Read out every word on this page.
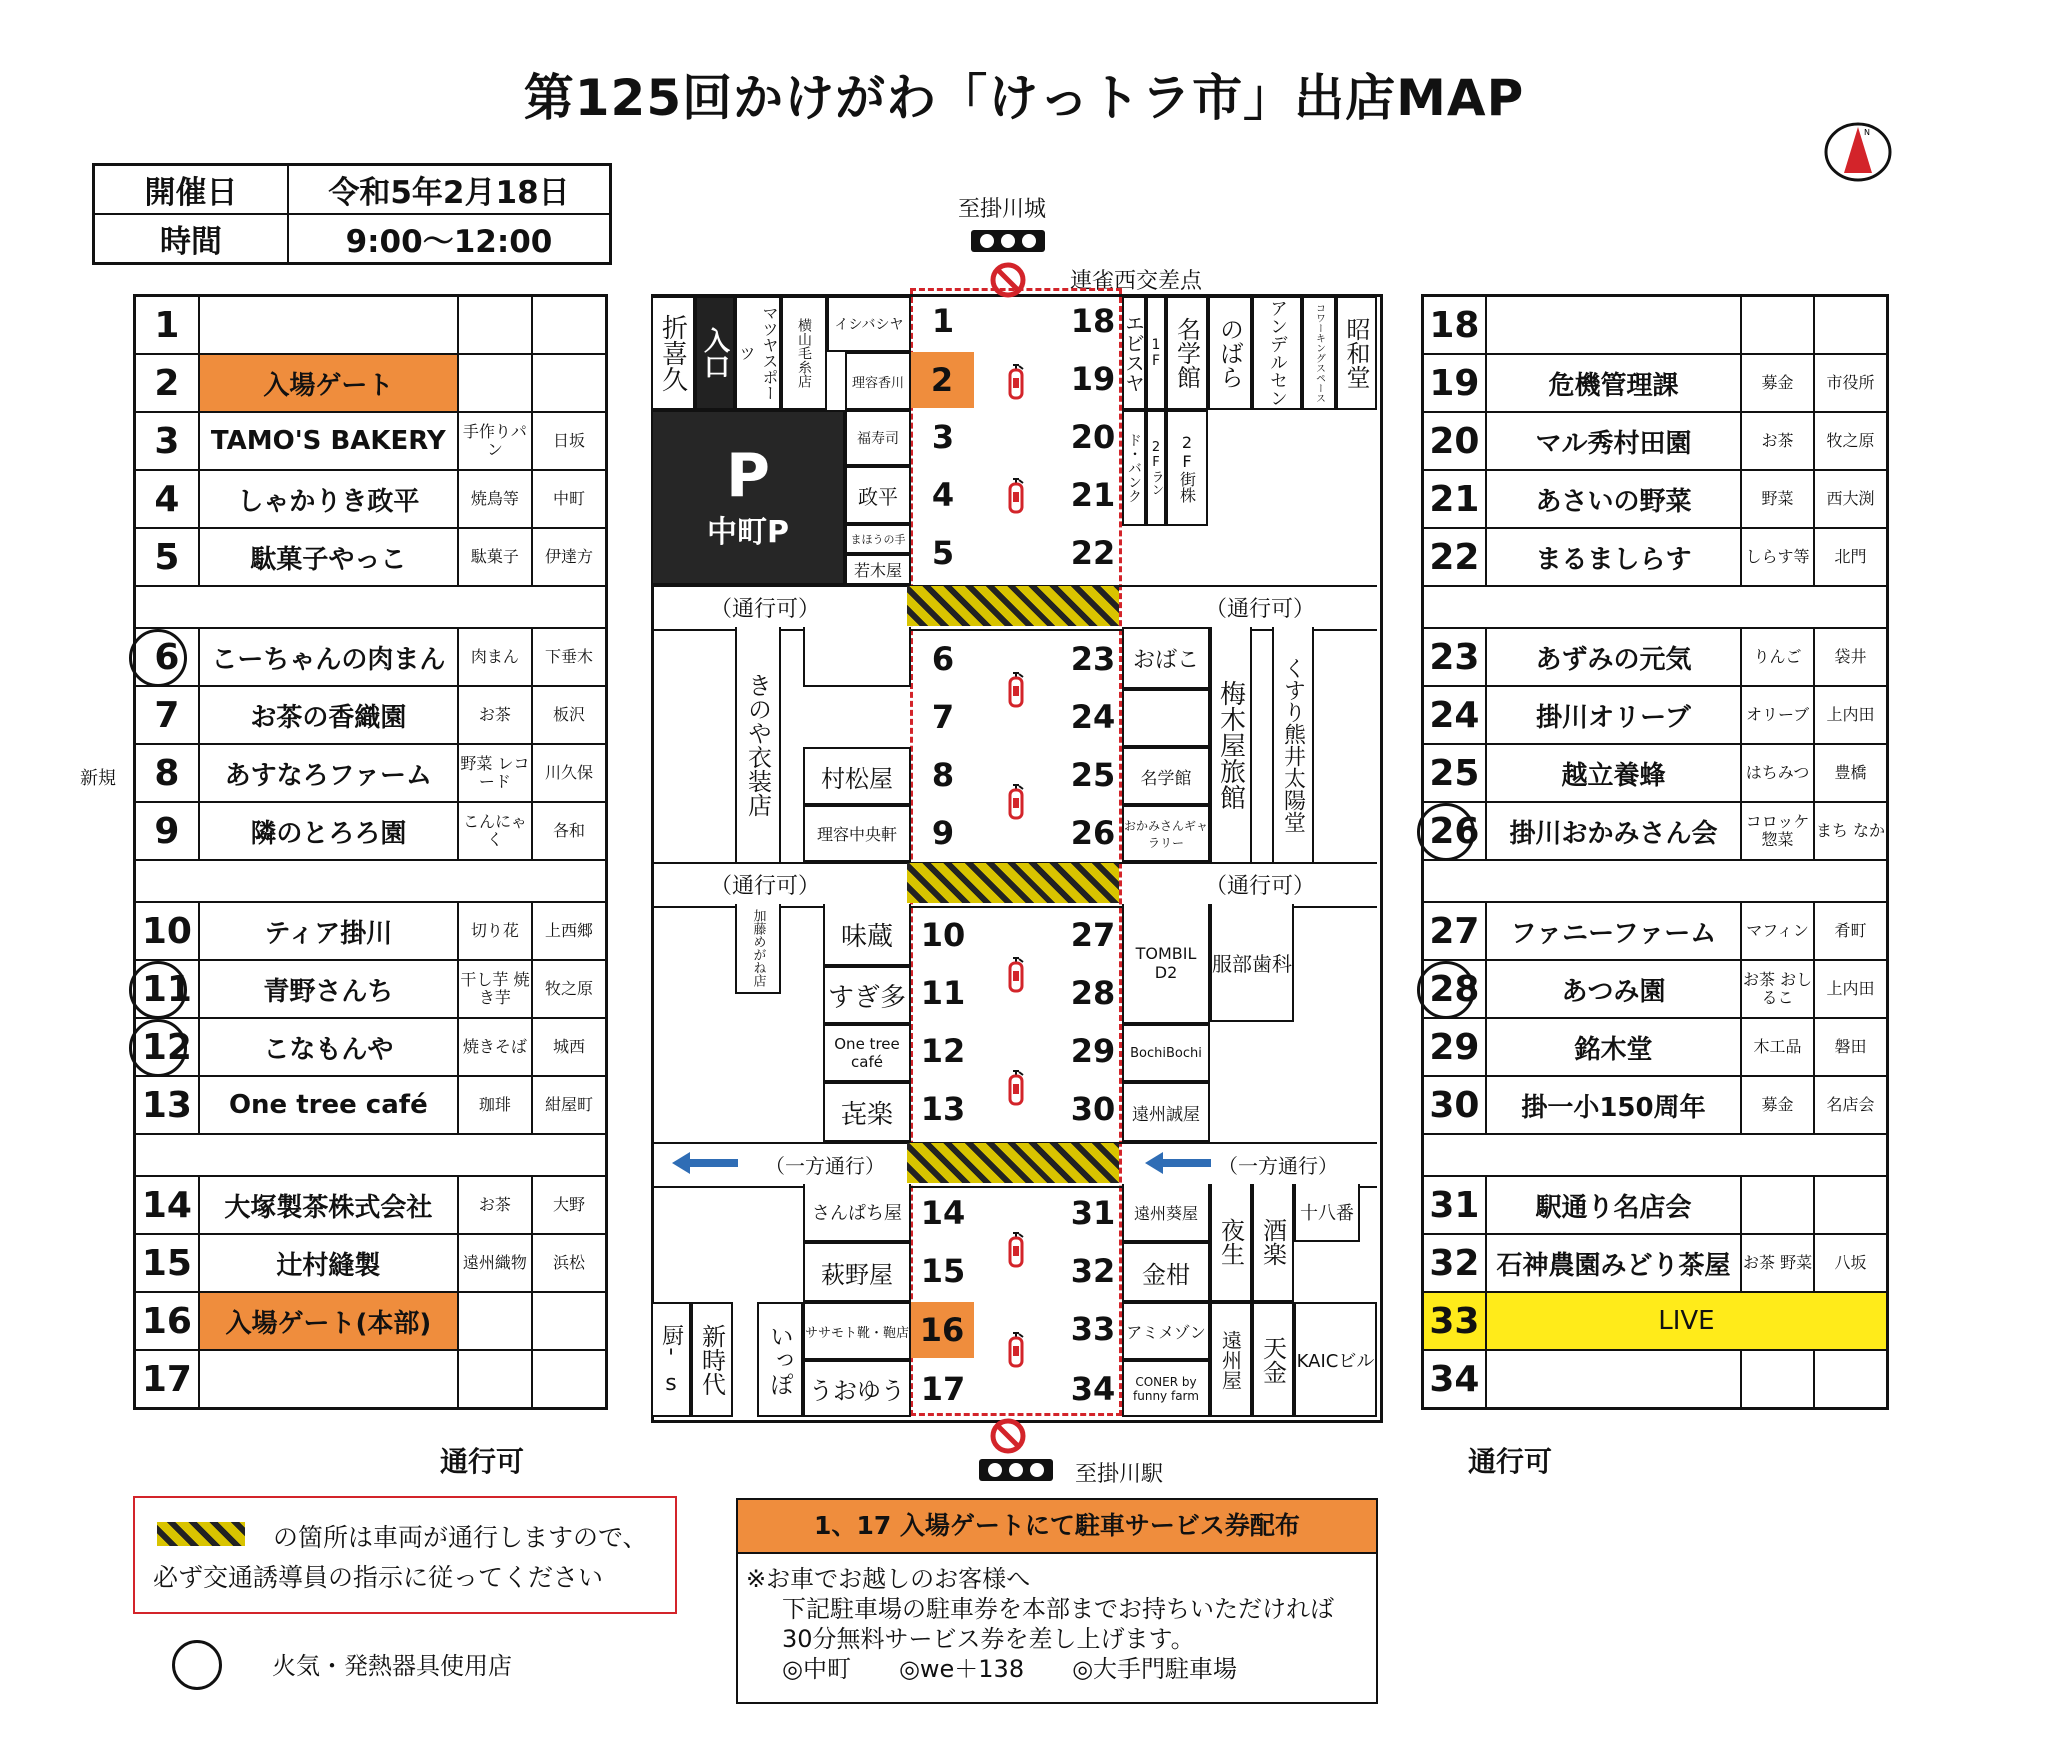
第125回かけがわ「けっトラ市」出店MAP
N
開催日	令和5年2月18日
時間	9:00～12:00
1			
2	入場ゲート		
3	TAMO'S BAKERY	手作りパン	日坂
4	しゃかりき政平	焼鳥等	中町
5	駄菓子やっこ	駄菓子	伊達方

6	こーちゃんの肉まん	肉まん	下垂木
7	お茶の香織園	お茶	板沢
8	あすなろファーム	野菜 レコード	川久保
9	隣のとろろ園	こんにゃく	各和

10	ティア掛川	切り花	上西郷
11	青野さんち	干し芋 焼き芋	牧之原
12	こなもんや	焼きそば	城西
13	One tree café	珈琲	紺屋町

14	大塚製茶株式会社	お茶	大野
15	辻村縫製	遠州織物	浜松
16	入場ゲート(本部)		
17			
18			
19	危機管理課	募金	市役所
20	マル秀村田園	お茶	牧之原
21	あさいの野菜	野菜	西大渕
22	まるましらす	しらす等	北門

23	あずみの元気	りんご	袋井
24	掛川オリーブ	オリーブ	上内田
25	越立養蜂	はちみつ	豊橋
26	掛川おかみさん会	コロッケ 惣菜	まち なか

27	ファニーファーム	マフィン	肴町
28	あつみ園	お茶 おしるこ	上内田
29	銘木堂	木工品	磐田
30	掛一小150周年	募金	名店会

31	駅通り名店会		
32	石神農園みどり茶屋	お茶 野菜	八坂
33	LIVE		
34			
新規
至掛川城
連雀西交差点
至掛川駅
（通行可）	（通行可）
（通行可）	（通行可）
（一方通行）	（一方通行）
通行可	通行可
1	18
2	19
3	20
4	21
5	22
6	23
7	24
8	25
9	26
10	27
11	28
12	29
13	30
14	31
15	32
16	33
17	34
折喜久 入口	マツヤスポーツ	横山毛糸店	イシバシヤ
理容香川
福寿司
政平
まほうの手
若木屋
P
中町P
エビスヤ 1F
ド・バンク 2Fラン
名学館
2F街株
のばら	アンデルセン	コワーキングスペース 昭和堂
きのや衣装店	村松屋
理容中央軒
おばこ
名学館
おかみさんギャラリー
梅木屋旅館	くすり熊井太陽堂
加藤めがね店	味蔵
すぎ多
One tree café
㐂楽
TOMBIL D2	服部歯科
BochiBochi
遠州誠屋
さんぱち屋
萩野屋
厨's 新時代	いっぽ ササモト靴・鞄店
うおゆう
遠州葵屋
金柑
アミメゾン
CONER by funny farm
夜生 酒楽
十八番
遠州屋 天金 KAICビル
の箇所は車両が通行しますので、
必ず交通誘導員の指示に従ってください
火気・発熱器具使用店
1、17 入場ゲートにて駐車サービス券配布
※お車でお越しのお客様へ
下記駐車場の駐車券を本部までお持ちいただければ
30分無料サービス券を差し上げます。
◎中町　　◎we＋138　　◎大手門駐車場
